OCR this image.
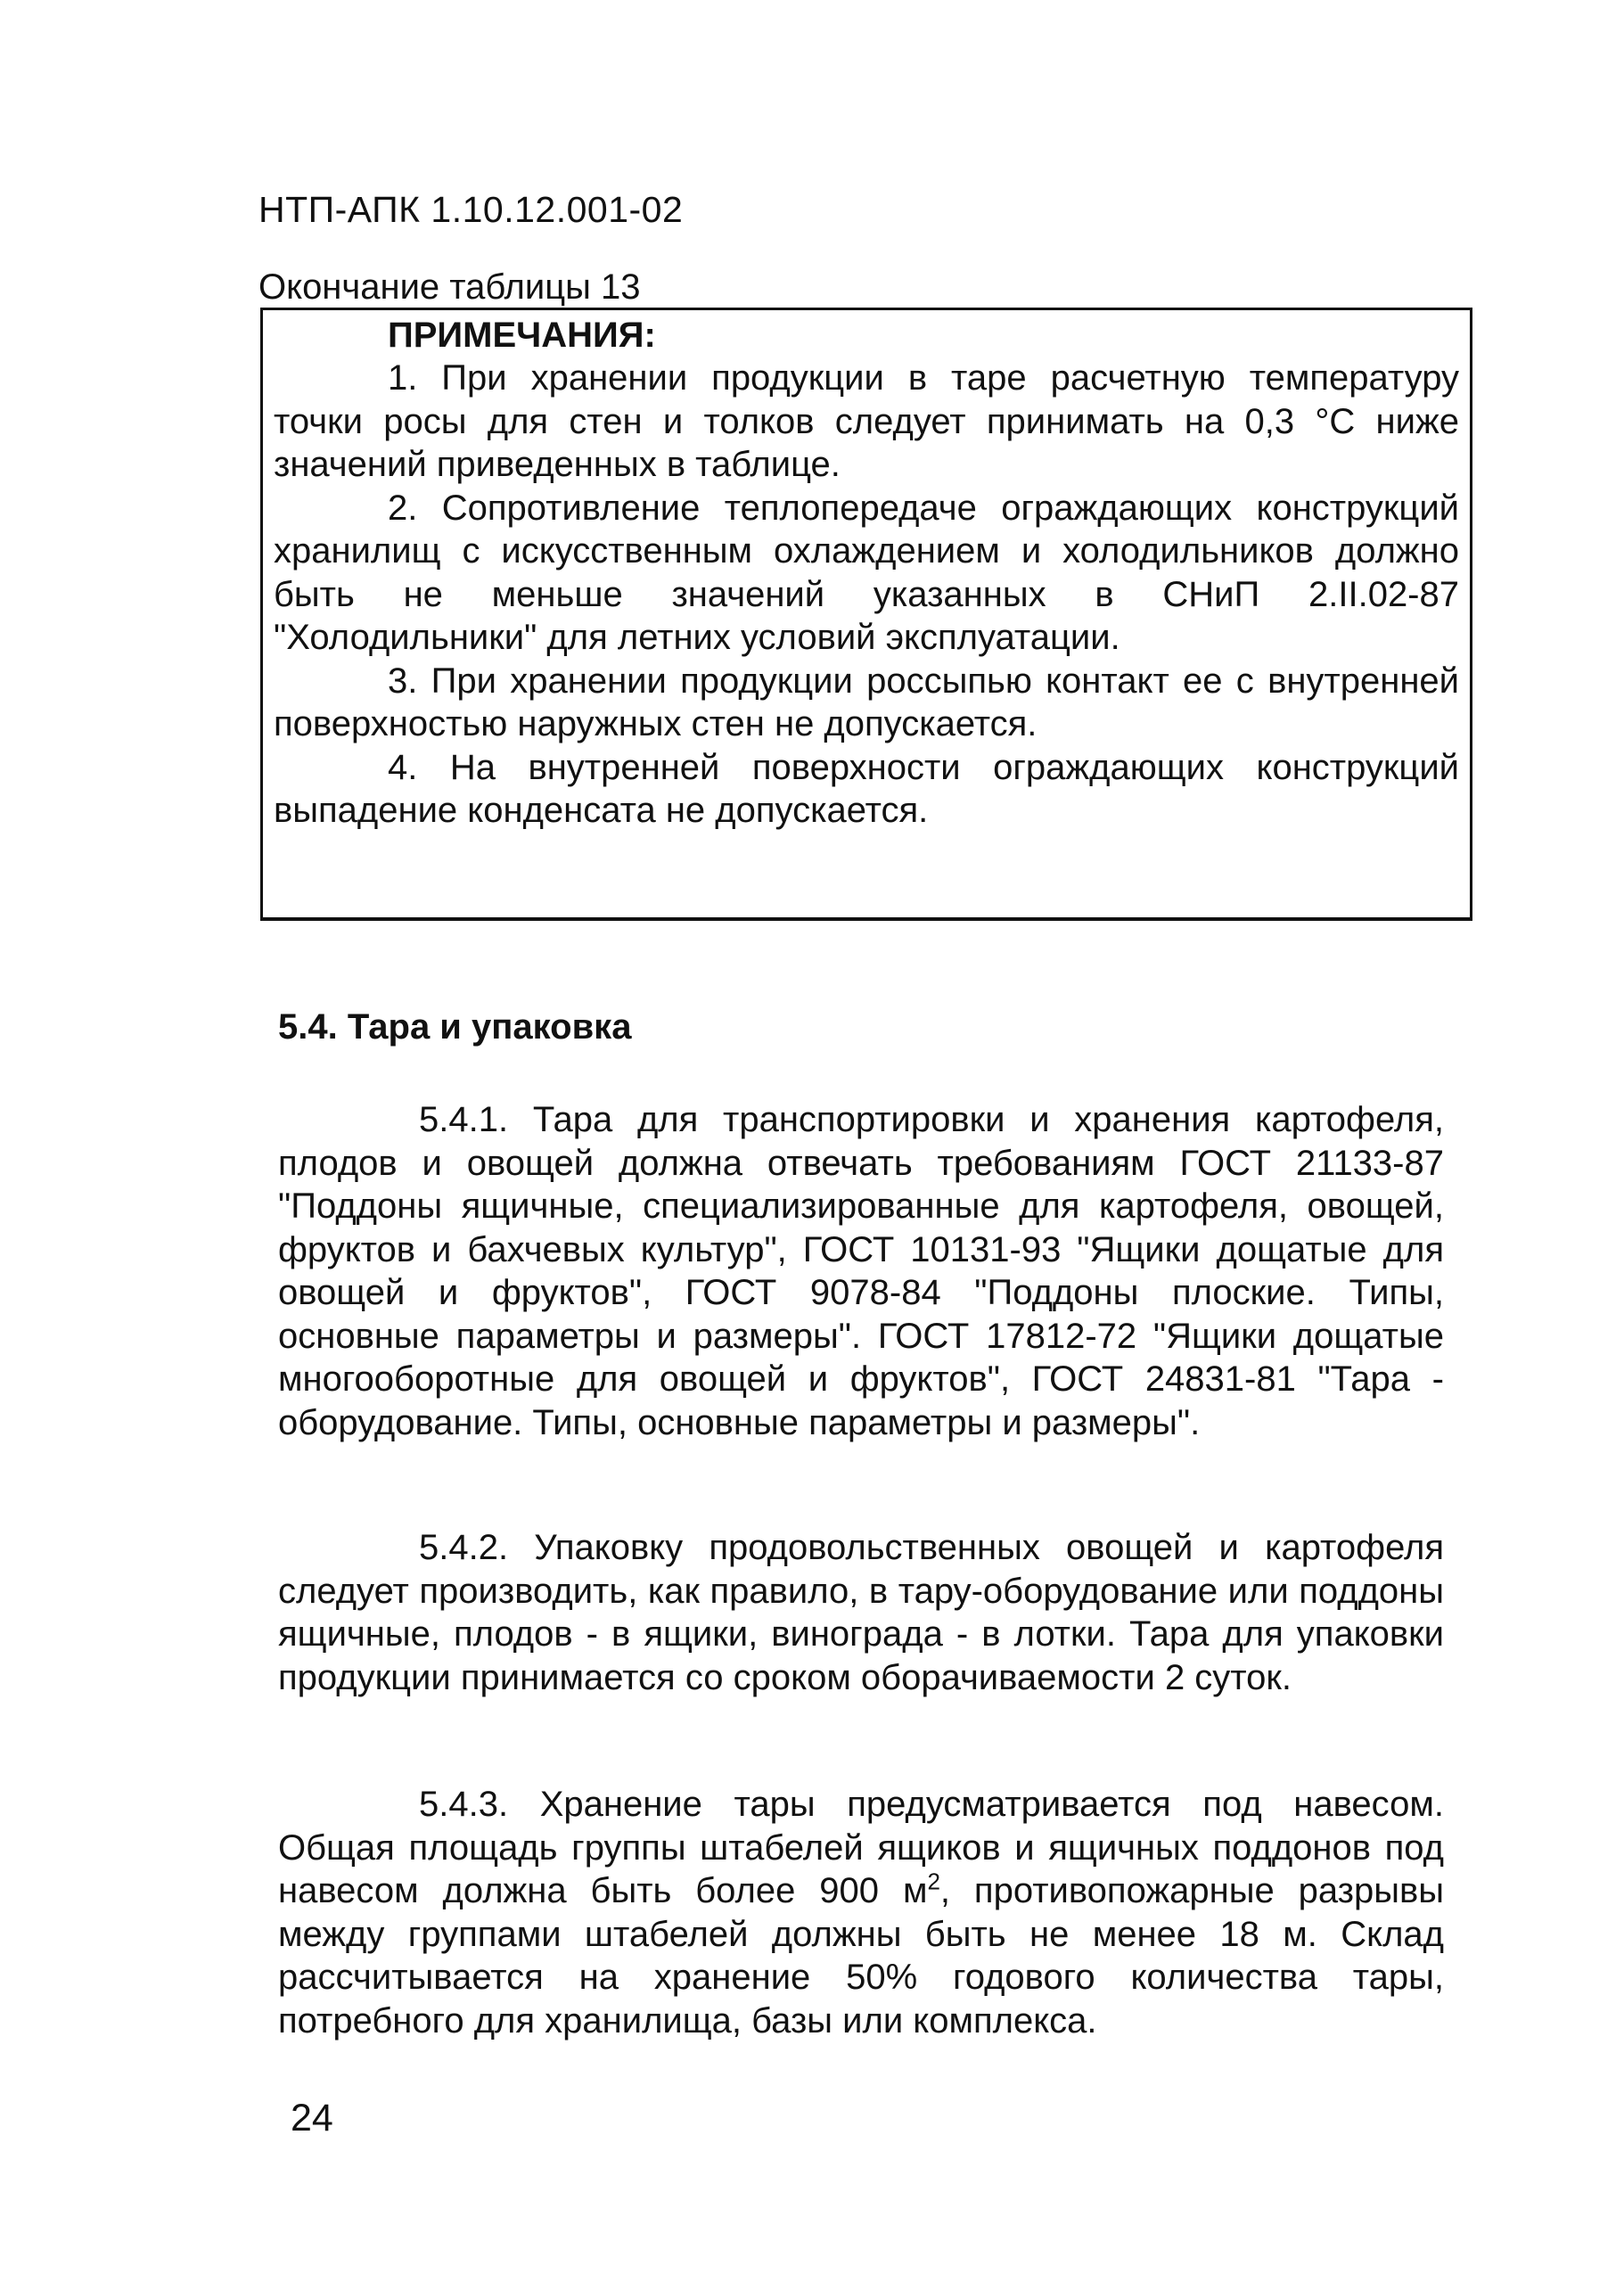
НТП-АПК 1.10.12.001-02
Окончание таблицы 13
ПРИМЕЧАНИЯ:

1. При хранении продукции в таре расчетную температуру точки росы для стен и толков следует принимать на 0,3 °С ниже значений приведенных в таблице.

2. Сопротивление теплопередаче ограждающих конструкций хранилищ с искусственным охлаждением и холодильников должно быть не меньше значений указанных в СНиП 2.II.02-87 "Холодильники" для летних условий эксплуатации.

3. При хранении продукции россыпью контакт ее с внутренней поверхностью наружных стен не допускается.

4. На внутренней поверхности ограждающих конструкций выпадение конденсата не допускается.

5.4. Тара и упаковка

5.4.1. Тара для транспортировки и хранения картофеля, плодов и овощей должна отвечать требованиям ГОСТ 21133-87 "Поддоны ящичные, специализированные для картофеля, овощей, фруктов и бахчевых культур", ГОСТ 10131-93 "Ящики дощатые для овощей и фруктов", ГОСТ 9078-84 "Поддоны плоские. Типы, основные параметры и размеры". ГОСТ 17812-72 "Ящики дощатые многооборотные для овощей и фруктов", ГОСТ 24831-81 "Тара - оборудование. Типы, основные параметры и размеры".

5.4.2. Упаковку продовольственных овощей и картофеля следует производить, как правило, в тару-оборудование или поддоны ящичные, плодов - в ящики, винограда - в лотки. Тара для упаковки продукции принимается со сроком оборачиваемости 2 суток.

5.4.3. Хранение тары предусматривается под навесом. Общая площадь группы штабелей ящиков и ящичных поддонов под навесом должна быть более 900 $м^2$, противопожарные разрывы между группами штабелей должны быть не менее 18 м. Склад рассчитывается на хранение 50% годового количества тары, потребного для хранилища, базы или комплекса.

24
